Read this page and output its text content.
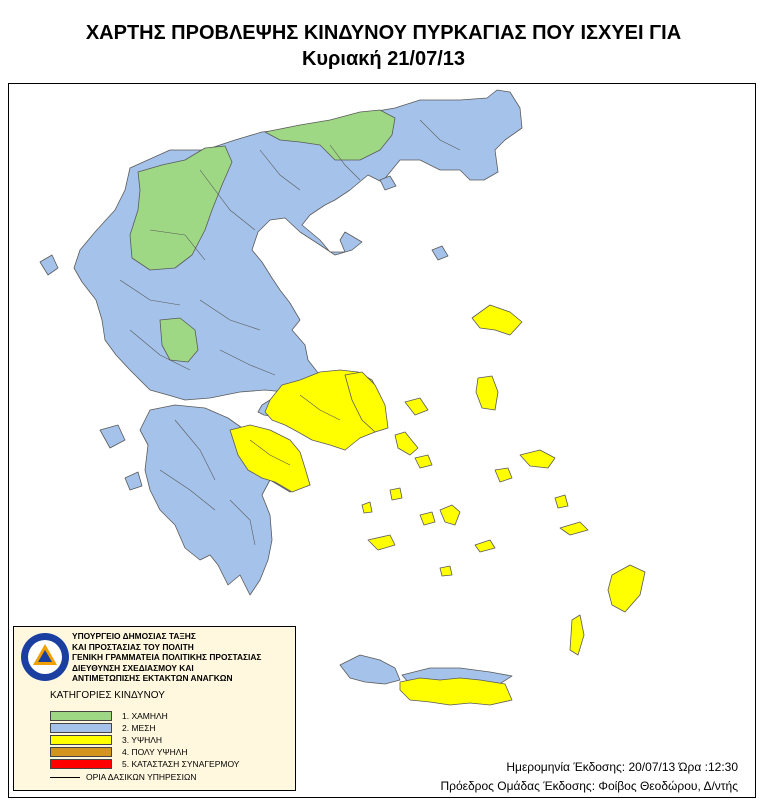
ΧΑΡΤΗΣ ΠΡΟΒΛΕΨΗΣ ΚΙΝΔΥΝΟΥ ΠΥΡΚΑΓΙΑΣ ΠΟΥ ΙΣΧΥΕΙ ΓΙΑ
Κυριακή 21/07/13
ΥΠΟΥΡΓΕΙΟ ΔΗΜΟΣΙΑΣ ΤΑΞΗΣ
ΚΑΙ ΠΡΟΣΤΑΣΙΑΣ ΤΟΥ ΠΟΛΙΤΗ
ΓΕΝΙΚΗ ΓΡΑΜΜΑΤΕΙΑ ΠΟΛΙΤΙΚΗΣ ΠΡΟΣΤΑΣΙΑΣ
ΔΙΕΥΘΥΝΣΗ ΣΧΕΔΙΑΣΜΟΥ ΚΑΙ
ΑΝΤΙΜΕΤΩΠΙΣΗΣ ΕΚΤΑΚΤΩΝ ΑΝΑΓΚΩΝ
ΚΑΤΗΓΟΡΙΕΣ ΚΙΝΔΥΝΟΥ
1. ΧΑΜΗΛΗ
2. ΜΕΣΗ
3. ΥΨΗΛΗ
4. ΠΟΛΥ ΥΨΗΛΗ
5. ΚΑΤΑΣΤΑΣΗ ΣΥΝΑΓΕΡΜΟΥ
ΟΡΙΑ ΔΑΣΙΚΩΝ ΥΠΗΡΕΣΙΩΝ
Ημερομηνία Έκδοσης: 20/07/13 Ώρα :12:30
Πρόεδρος Ομάδας Έκδοσης: Φοίβος Θεοδώρου, Δ/ντής
